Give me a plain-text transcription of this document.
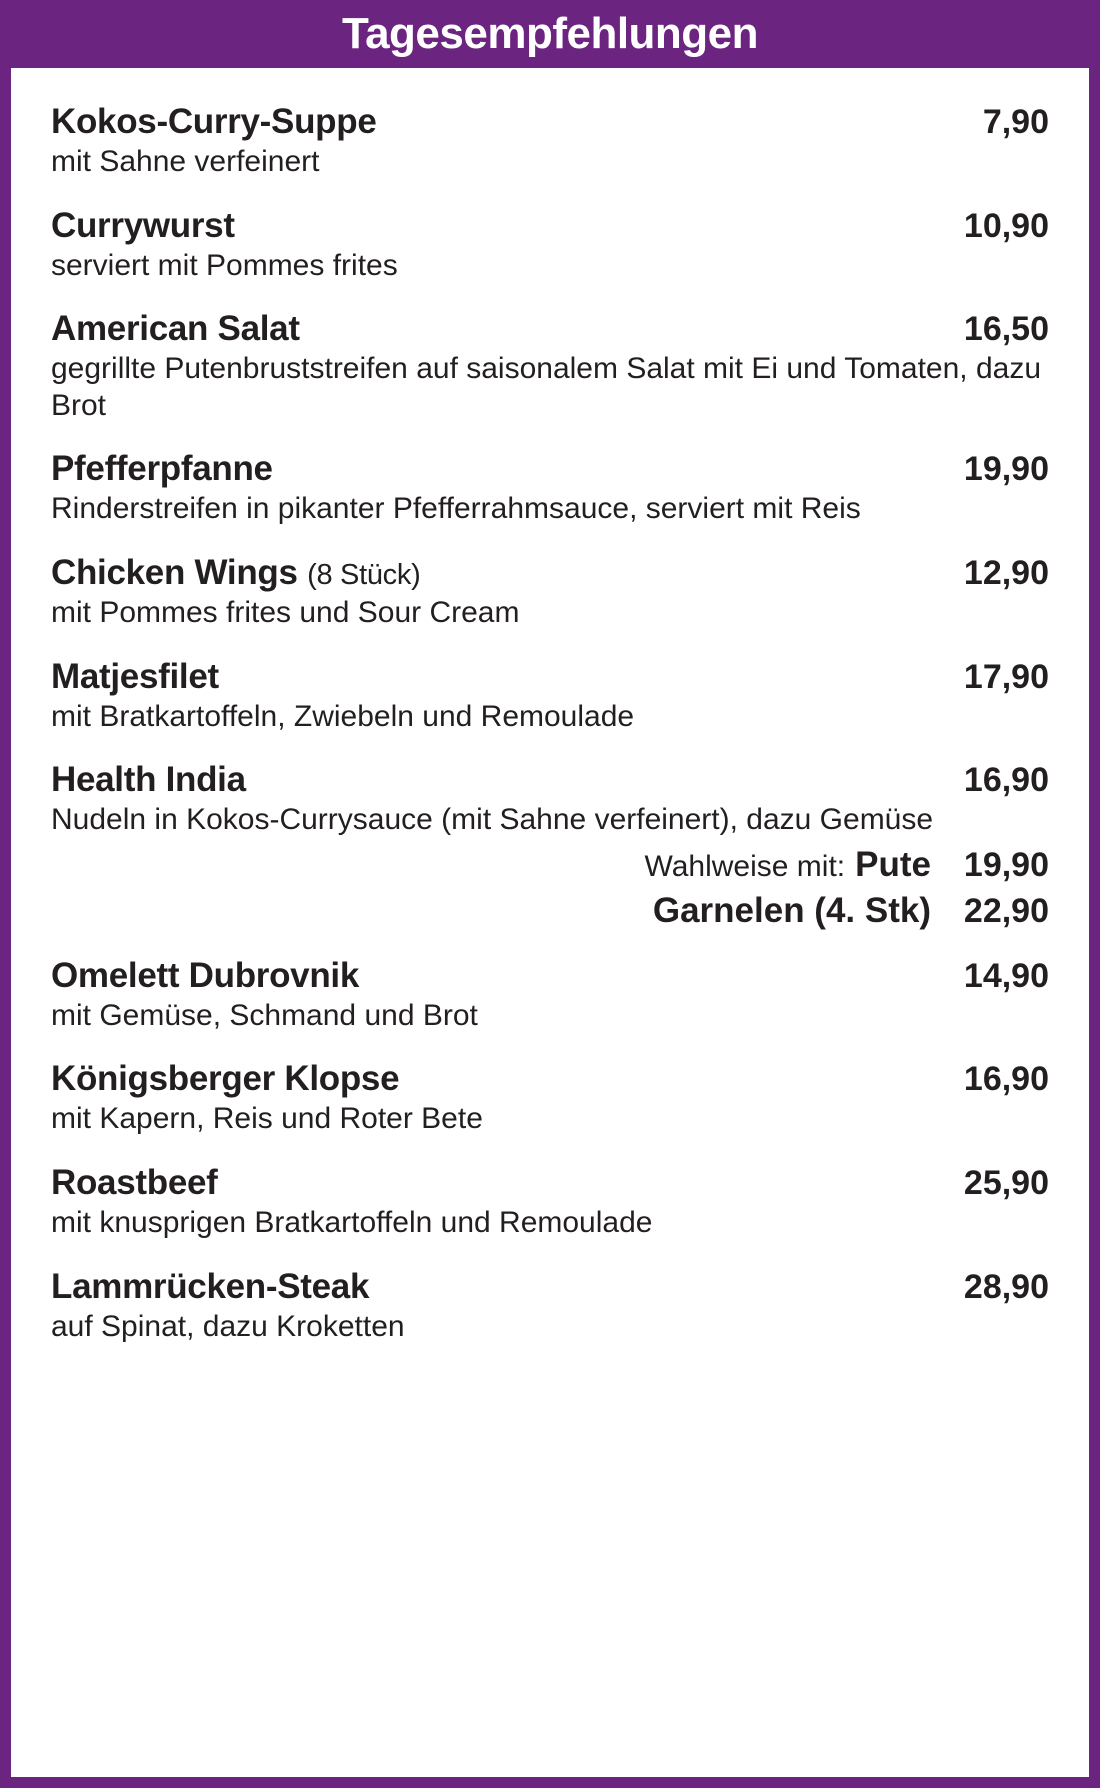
Tagesempfehlungen
Kokos-Curry-Suppe	7,90
mit Sahne verfeinert
Currywurst	10,90
serviert mit Pommes frites
American Salat	16,50
gegrillte Putenbruststreifen auf saisonalem Salat mit Ei und Tomaten, dazu Brot
Pfefferpfanne	19,90
Rinderstreifen in pikanter Pfefferrahmsauce, serviert mit Reis
Chicken Wings (8 Stück)	12,90
mit Pommes frites und Sour Cream
Matjesfilet	17,90
mit Bratkartoffeln, Zwiebeln und Remoulade
Health India	16,90
Nudeln in Kokos-Currysauce (mit Sahne verfeinert), dazu Gemüse
Wahlweise mit: Pute 19,90
Garnelen (4. Stk) 22,90
Omelett Dubrovnik	14,90
mit Gemüse, Schmand und Brot
Königsberger Klopse	16,90
mit Kapern, Reis und Roter Bete
Roastbeef	25,90
mit knusprigen Bratkartoffeln und Remoulade
Lammrücken-Steak	28,90
auf Spinat, dazu Kroketten
